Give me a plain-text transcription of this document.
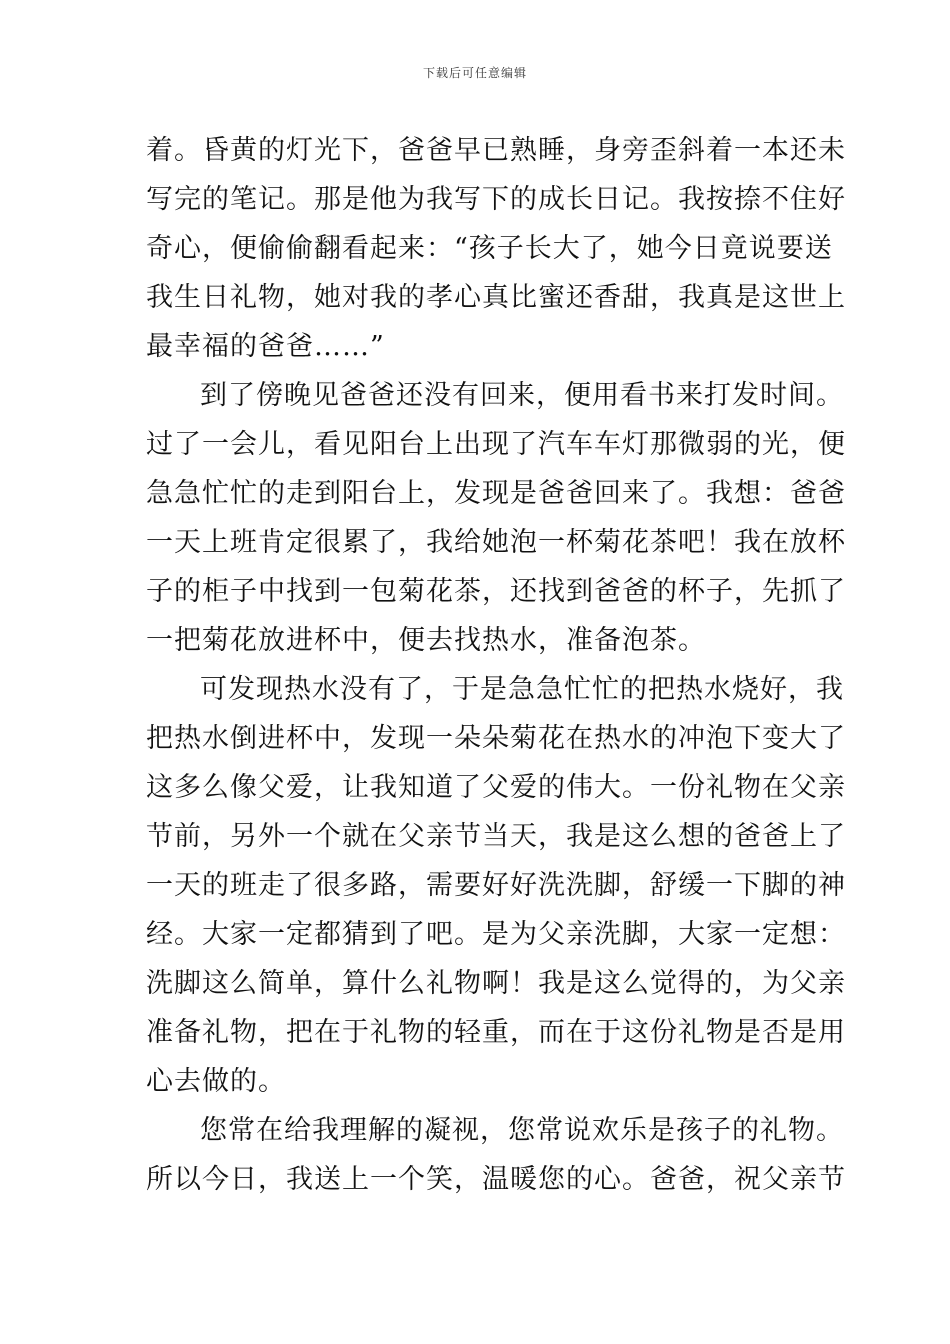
下载后可任意编辑
着。昏黄的灯光下，爸爸早已熟睡，身旁歪斜着一本还未
写完的笔记。那是他为我写下的成长日记。我按捺不住好
奇心，便偷偷翻看起来：“孩子长大了，她今日竟说要送
我生日礼物，她对我的孝心真比蜜还香甜，我真是这世上
最幸福的爸爸……”
到了傍晚见爸爸还没有回来，便用看书来打发时间。
过了一会儿，看见阳台上出现了汽车车灯那微弱的光，便
急急忙忙的走到阳台上，发现是爸爸回来了。我想：爸爸
一天上班肯定很累了，我给她泡一杯菊花茶吧！我在放杯
子的柜子中找到一包菊花茶，还找到爸爸的杯子，先抓了
一把菊花放进杯中，便去找热水，准备泡茶。
可发现热水没有了，于是急急忙忙的把热水烧好，我
把热水倒进杯中，发现一朵朵菊花在热水的冲泡下变大了
这多么像父爱，让我知道了父爱的伟大。一份礼物在父亲
节前，另外一个就在父亲节当天，我是这么想的爸爸上了
一天的班走了很多路，需要好好洗洗脚，舒缓一下脚的神
经。大家一定都猜到了吧。是为父亲洗脚，大家一定想：
洗脚这么简单，算什么礼物啊！我是这么觉得的，为父亲
准备礼物，把在于礼物的轻重，而在于这份礼物是否是用
心去做的。
您常在给我理解的凝视，您常说欢乐是孩子的礼物。
所以今日，我送上一个笑，温暖您的心。爸爸，祝父亲节
